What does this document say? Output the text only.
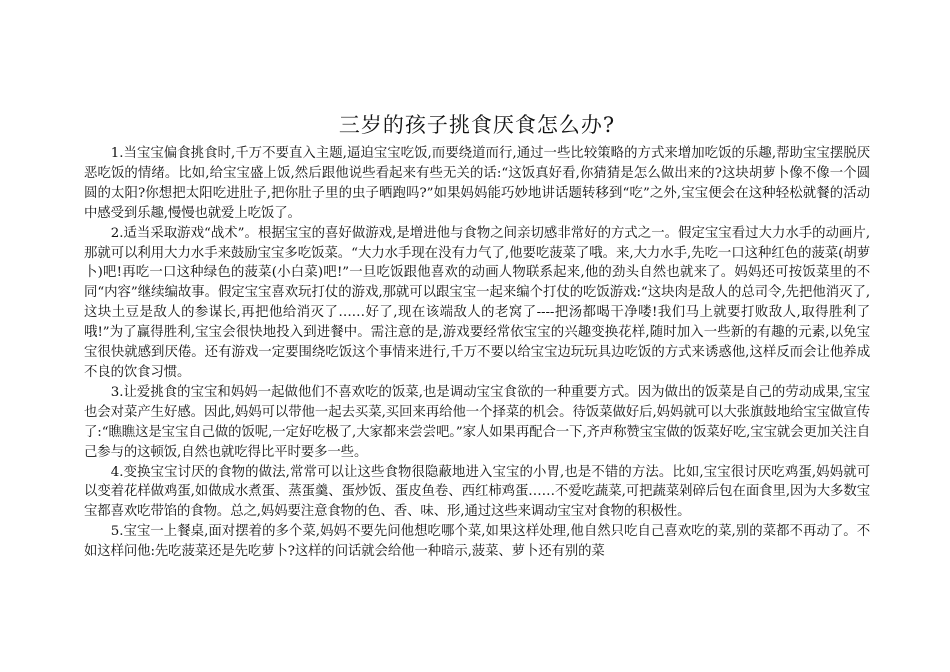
三岁的孩子挑食厌食怎么办?

1.当宝宝偏食挑食时,千万不要直入主题,逼迫宝宝吃饭,而要绕道而行,通过一些比较策略的方式来增加吃饭的乐趣,帮助宝宝摆脱厌恶吃饭的情绪。比如,给宝宝盛上饭,然后跟他说些看起来有些无关的话:“这饭真好看,你猜猜是怎么做出来的?这块胡萝卜像不像一个圆圆的太阳?你想把太阳吃进肚子,把你肚子里的虫子晒跑吗?”如果妈妈能巧妙地讲话题转移到“吃”之外,宝宝便会在这种轻松就餐的活动中感受到乐趣,慢慢也就爱上吃饭了。

2.适当采取游戏“战术”。根据宝宝的喜好做游戏,是增进他与食物之间亲切感非常好的方式之一。假定宝宝看过大力水手的动画片,那就可以利用大力水手来鼓励宝宝多吃饭菜。“大力水手现在没有力气了,他要吃菠菜了哦。来,大力水手,先吃一口这种红色的菠菜(胡萝卜)吧!再吃一口这种绿色的菠菜(小白菜)吧!”一旦吃饭跟他喜欢的动画人物联系起来,他的劲头自然也就来了。妈妈还可按饭菜里的不同“内容”继续编故事。假定宝宝喜欢玩打仗的游戏,那就可以跟宝宝一起来编个打仗的吃饭游戏:“这块肉是敌人的总司令,先把他消灭了,这块土豆是敌人的参谋长,再把他给消灭了……好了,现在该端敌人的老窝了----把汤都喝干净喽!我们马上就要打败敌人,取得胜利了哦!”为了赢得胜利,宝宝会很快地投入到进餐中。需注意的是,游戏要经常依宝宝的兴趣变换花样,随时加入一些新的有趣的元素,以免宝宝很快就感到厌倦。还有游戏一定要围绕吃饭这个事情来进行,千万不要以给宝宝边玩玩具边吃饭的方式来诱惑他,这样反而会让他养成不良的饮食习惯。

3.让爱挑食的宝宝和妈妈一起做他们不喜欢吃的饭菜,也是调动宝宝食欲的一种重要方式。因为做出的饭菜是自己的劳动成果,宝宝也会对菜产生好感。因此,妈妈可以带他一起去买菜,买回来再给他一个择菜的机会。待饭菜做好后,妈妈就可以大张旗鼓地给宝宝做宣传了:“瞧瞧这是宝宝自己做的饭呢,一定好吃极了,大家都来尝尝吧。”家人如果再配合一下,齐声称赞宝宝做的饭菜好吃,宝宝就会更加关注自己参与的这顿饭,自然也就吃得比平时要多一些。

4.变换宝宝讨厌的食物的做法,常常可以让这些食物很隐蔽地进入宝宝的小胃,也是不错的方法。比如,宝宝很讨厌吃鸡蛋,妈妈就可以变着花样做鸡蛋,如做成水煮蛋、蒸蛋羹、蛋炒饭、蛋皮鱼卷、西红柿鸡蛋……不爱吃蔬菜,可把蔬菜剁碎后包在面食里,因为大多数宝宝都喜欢吃带馅的食物。总之,妈妈要注意食物的色、香、味、形,通过这些来调动宝宝对食物的积极性。

5.宝宝一上餐桌,面对摆着的多个菜,妈妈不要先问他想吃哪个菜,如果这样处理,他自然只吃自己喜欢吃的菜,别的菜都不再动了。不如这样问他:先吃菠菜还是先吃萝卜?这样的问话就会给他一种暗示,菠菜、萝卜还有别的菜
